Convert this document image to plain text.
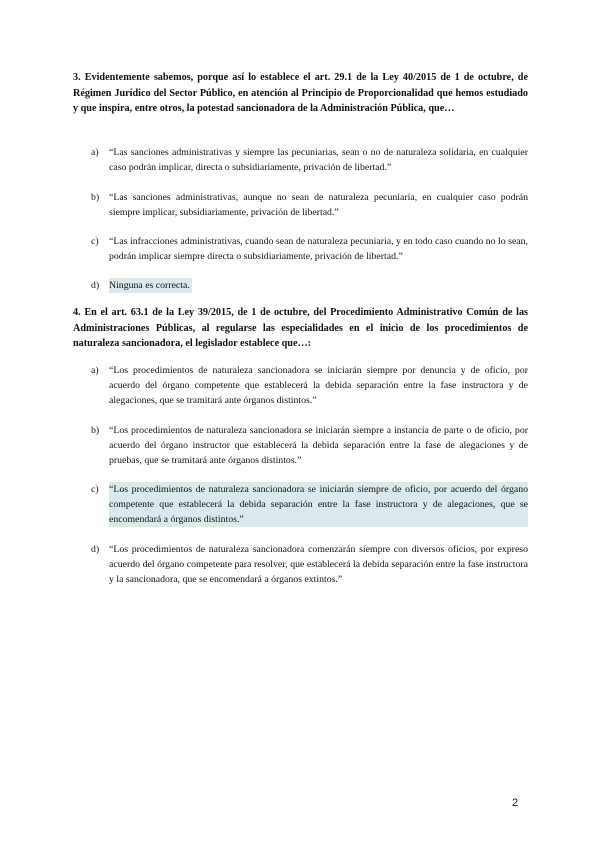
3. Evidentemente sabemos, porque así lo establece el art. 29.1 de la Ley 40/2015 de 1 de octubre, de Régimen Jurídico del Sector Público, en atención al Principio de Proporcionalidad que hemos estudiado y que inspira, entre otros, la potestad sancionadora de la Administración Pública, que…
a) “Las sanciones administrativas y siempre las pecuniarias, sean o no de naturaleza solidaria, en cualquier caso podrán implicar, directa o subsidiariamente, privación de libertad.”
b) “Las sanciones administrativas, aunque no sean de naturaleza pecuniaria, en cualquier caso podrán siempre implicar, subsidiariamente, privación de libertad.”
c) “Las infracciones administrativas, cuando sean de naturaleza pecuniaria, y en todo caso cuando no lo sean, podrán implicar siempre directa o subsidiariamente, privación de libertad.”
d) Ninguna es correcta.
4. En el art. 63.1 de la Ley 39/2015, de 1 de octubre, del Procedimiento Administrativo Común de las Administraciones Públicas, al regularse las especialidades en el inicio de los procedimientos de naturaleza sancionadora, el legislador establece que…:
a) “Los procedimientos de naturaleza sancionadora se iniciarán siempre por denuncia y de oficio, por acuerdo del órgano competente que establecerá la debida separación entre la fase instructora y de alegaciones, que se tramitará ante órganos distintos.”
b) “Los procedimientos de naturaleza sancionadora se iniciarán siempre a instancia de parte o de oficio, por acuerdo del órgano instructor que establecerá la debida separación entre la fase de alegaciones y de pruebas, que se tramitará ante órganos distintos.”
c) “Los procedimientos de naturaleza sancionadora se iniciarán siempre de oficio, por acuerdo del órgano competente que establecerá la debida separación entre la fase instructora y de alegaciones, que se encomendará a órganos distintos.”
d) “Los procedimientos de naturaleza sancionadora comenzarán siempre con diversos oficios, por expreso acuerdo del órgano competente para resolver, que establecerá la debida separación entre la fase instructora y la sancionadora, que se encomendará a órganos extintos.”
2
